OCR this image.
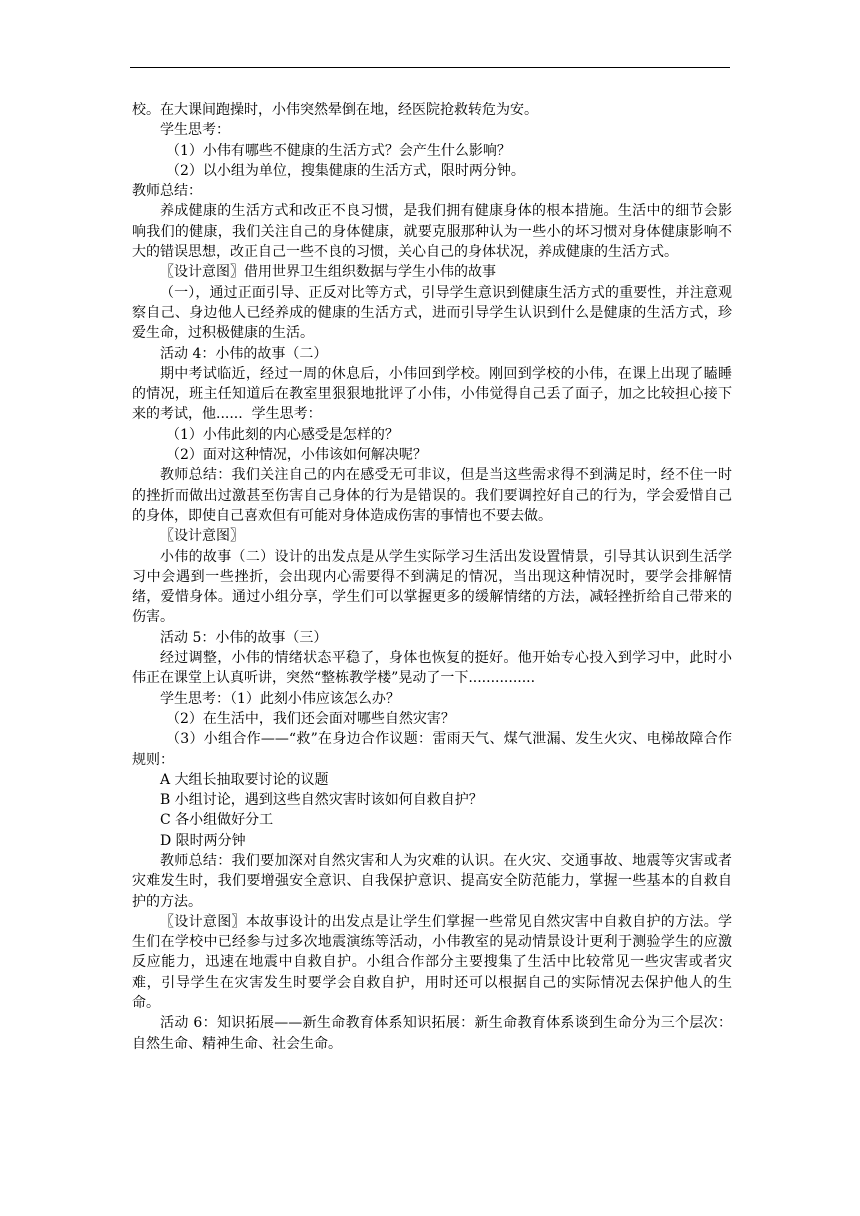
校。在大课间跑操时，小伟突然晕倒在地，经医院抢救转危为安。

学生思考：

（1）小伟有哪些不健康的生活方式？会产生什么影响？

（2）以小组为单位，搜集健康的生活方式，限时两分钟。

教师总结：

养成健康的生活方式和改正不良习惯，是我们拥有健康身体的根本措施。生活中的细节会影响我们的健康，我们关注自己的身体健康，就要克服那种认为一些小的坏习惯对身体健康影响不大的错误思想，改正自己一些不良的习惯，关心自己的身体状况，养成健康的生活方式。

〖设计意图〗借用世界卫生组织数据与学生小伟的故事

（一），通过正面引导、正反对比等方式，引导学生意识到健康生活方式的重要性，并注意观察自己、身边他人已经养成的健康的生活方式，进而引导学生认识到什么是健康的生活方式，珍爱生命，过积极健康的生活。

活动 4：小伟的故事（二）

期中考试临近，经过一周的休息后，小伟回到学校。刚回到学校的小伟，在课上出现了瞌睡的情况，班主任知道后在教室里狠狠地批评了小伟，小伟觉得自己丢了面子，加之比较担心接下来的考试，他......  学生思考：

（1）小伟此刻的内心感受是怎样的？

（2）面对这种情况，小伟该如何解决呢？

教师总结：我们关注自己的内在感受无可非议，但是当这些需求得不到满足时，经不住一时的挫折而做出过激甚至伤害自己身体的行为是错误的。我们要调控好自己的行为，学会爱惜自己的身体，即使自己喜欢但有可能对身体造成伤害的事情也不要去做。

〖设计意图〗

小伟的故事（二）设计的出发点是从学生实际学习生活出发设置情景，引导其认识到生活学习中会遇到一些挫折，会出现内心需要得不到满足的情况，当出现这种情况时，要学会排解情绪，爱惜身体。通过小组分享，学生们可以掌握更多的缓解情绪的方法，减轻挫折给自己带来的伤害。

活动 5：小伟的故事（三）

经过调整，小伟的情绪状态平稳了，身体也恢复的挺好。他开始专心投入到学习中，此时小伟正在课堂上认真听讲，突然“整栋教学楼”晃动了一下...............

学生思考：（1）此刻小伟应该怎么办？

（2）在生活中，我们还会面对哪些自然灾害？

（3）小组合作——“救”在身边合作议题：雷雨天气、煤气泄漏、发生火灾、电梯故障合作规则：

A 大组长抽取要讨论的议题

B 小组讨论，遇到这些自然灾害时该如何自救自护？

C 各小组做好分工

D 限时两分钟

教师总结：我们要加深对自然灾害和人为灾难的认识。在火灾、交通事故、地震等灾害或者灾难发生时，我们要增强安全意识、自我保护意识、提高安全防范能力，掌握一些基本的自救自护的方法。

〖设计意图〗本故事设计的出发点是让学生们掌握一些常见自然灾害中自救自护的方法。学生们在学校中已经参与过多次地震演练等活动，小伟教室的晃动情景设计更利于测验学生的应激反应能力，迅速在地震中自救自护。小组合作部分主要搜集了生活中比较常见一些灾害或者灾难，引导学生在灾害发生时要学会自救自护，用时还可以根据自己的实际情况去保护他人的生命。

活动 6：知识拓展——新生命教育体系知识拓展：新生命教育体系谈到生命分为三个层次：自然生命、精神生命、社会生命。
